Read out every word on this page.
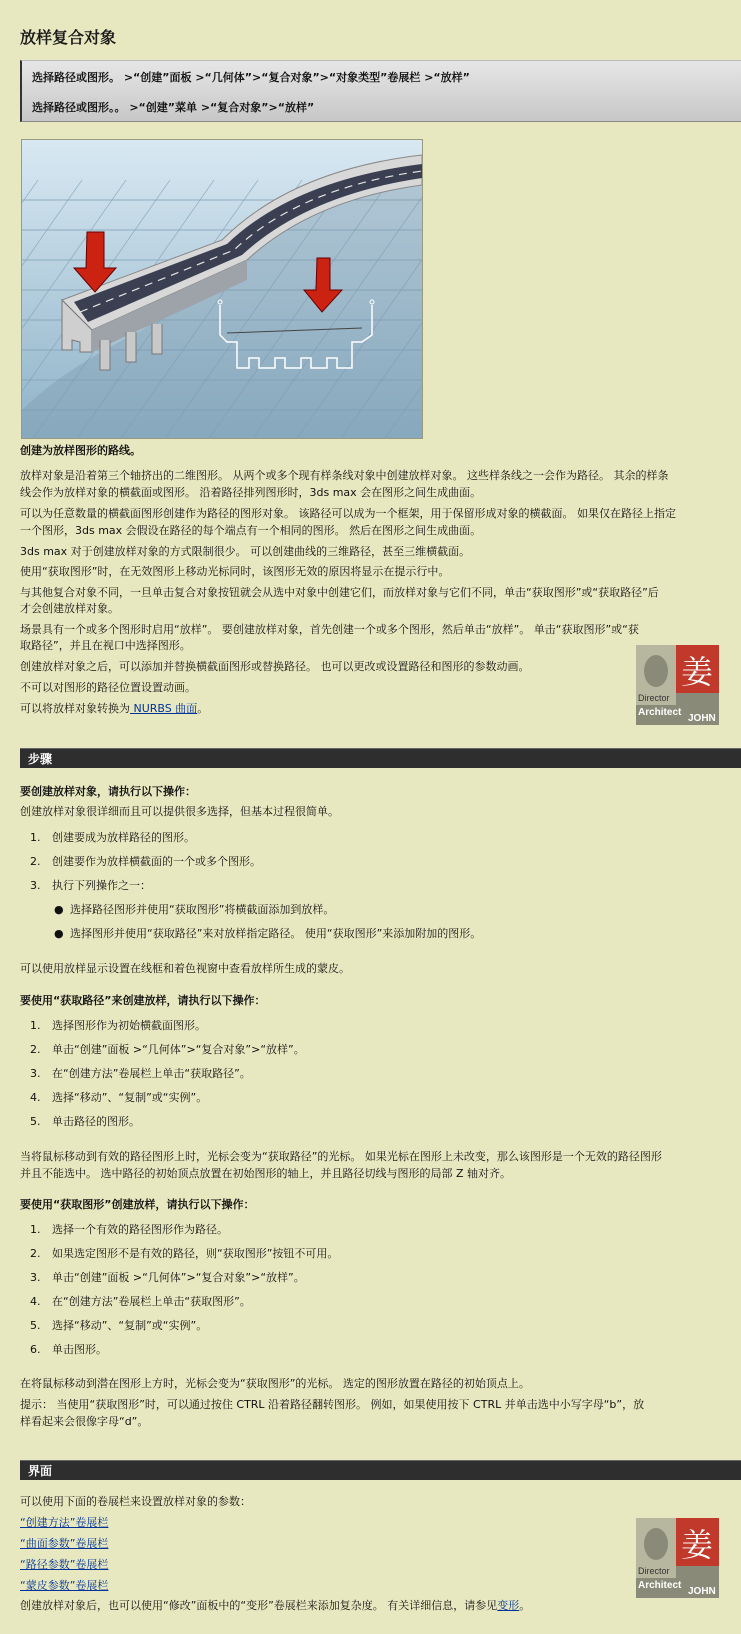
放样复合对象
选择路径或图形。 >“创建”面板 >“几何体”>“复合对象”>“对象类型”卷展栏 >“放样”
选择路径或图形。。 >“创建”菜单 >“复合对象”>“放样”
创建为放样图形的路线。
放样对象是沿着第三个轴挤出的二维图形。 从两个或多个现有样条线对象中创建放样对象。 这些样条线之一会作为路径。 其余的样条
线会作为放样对象的横截面或图形。 沿着路径排列图形时，3ds max 会在图形之间生成曲面。
可以为任意数量的横截面图形创建作为路径的图形对象。 该路径可以成为一个框架，用于保留形成对象的横截面。 如果仅在路径上指定
一个图形，3ds max 会假设在路径的每个端点有一个相同的图形。 然后在图形之间生成曲面。
3ds max 对于创建放样对象的方式限制很少。 可以创建曲线的三维路径，甚至三维横截面。
使用“获取图形”时，在无效图形上移动光标同时，该图形无效的原因将显示在提示行中。
与其他复合对象不同，一旦单击复合对象按钮就会从选中对象中创建它们，而放样对象与它们不同，单击“获取图形”或“获取路径”后
才会创建放样对象。
场景具有一个或多个图形时启用“放样”。 要创建放样对象，首先创建一个或多个图形，然后单击“放样”。 单击“获取图形”或“获
取路径”，并且在视口中选择图形。
创建放样对象之后，可以添加并替换横截面图形或替换路径。 也可以更改或设置路径和图形的参数动画。
不可以对图形的路径位置设置动画。
可以将放样对象转换为 NURBS 曲面。
姜
Director
Architect
JOHN
步骤
要创建放样对象，请执行以下操作：
创建放样对象很详细而且可以提供很多选择，但基本过程很简单。
1. 创建要成为放样路径的图形。
2. 创建要作为放样横截面的一个或多个图形。
3. 执行下列操作之一：
● 选择路径图形并使用“获取图形”将横截面添加到放样。
● 选择图形并使用“获取路径”来对放样指定路径。 使用“获取图形”来添加附加的图形。
可以使用放样显示设置在线框和着色视窗中查看放样所生成的蒙皮。
要使用“获取路径”来创建放样，请执行以下操作：
1. 选择图形作为初始横截面图形。
2. 单击“创建”面板 >“几何体”>“复合对象”>“放样”。
3. 在“创建方法”卷展栏上单击“获取路径”。
4. 选择“移动”、“复制”或“实例”。
5. 单击路径的图形。
当将鼠标移动到有效的路径图形上时，光标会变为“获取路径”的光标。 如果光标在图形上未改变，那么该图形是一个无效的路径图形
并且不能选中。 选中路径的初始顶点放置在初始图形的轴上，并且路径切线与图形的局部 Z 轴对齐。
要使用“获取图形”创建放样，请执行以下操作：
1. 选择一个有效的路径图形作为路径。
2. 如果选定图形不是有效的路径，则“获取图形”按钮不可用。
3. 单击“创建”面板 >“几何体”>“复合对象”>“放样”。
4. 在“创建方法”卷展栏上单击“获取图形”。
5. 选择“移动”、“复制”或“实例”。
6. 单击图形。
在将鼠标移动到潜在图形上方时，光标会变为“获取图形”的光标。 选定的图形放置在路径的初始顶点上。
提示： 当使用“获取图形”时，可以通过按住 CTRL 沿着路径翻转图形。 例如，如果使用按下 CTRL 并单击选中小写字母“b”，放
样看起来会很像字母“d”。
界面
可以使用下面的卷展栏来设置放样对象的参数：
“创建方法”卷展栏
“曲面参数”卷展栏
“路径参数”卷展栏
“蒙皮参数”卷展栏
创建放样对象后，也可以使用“修改”面板中的“变形”卷展栏来添加复杂度。 有关详细信息，请参见变形。
姜
Director
Architect
JOHN
